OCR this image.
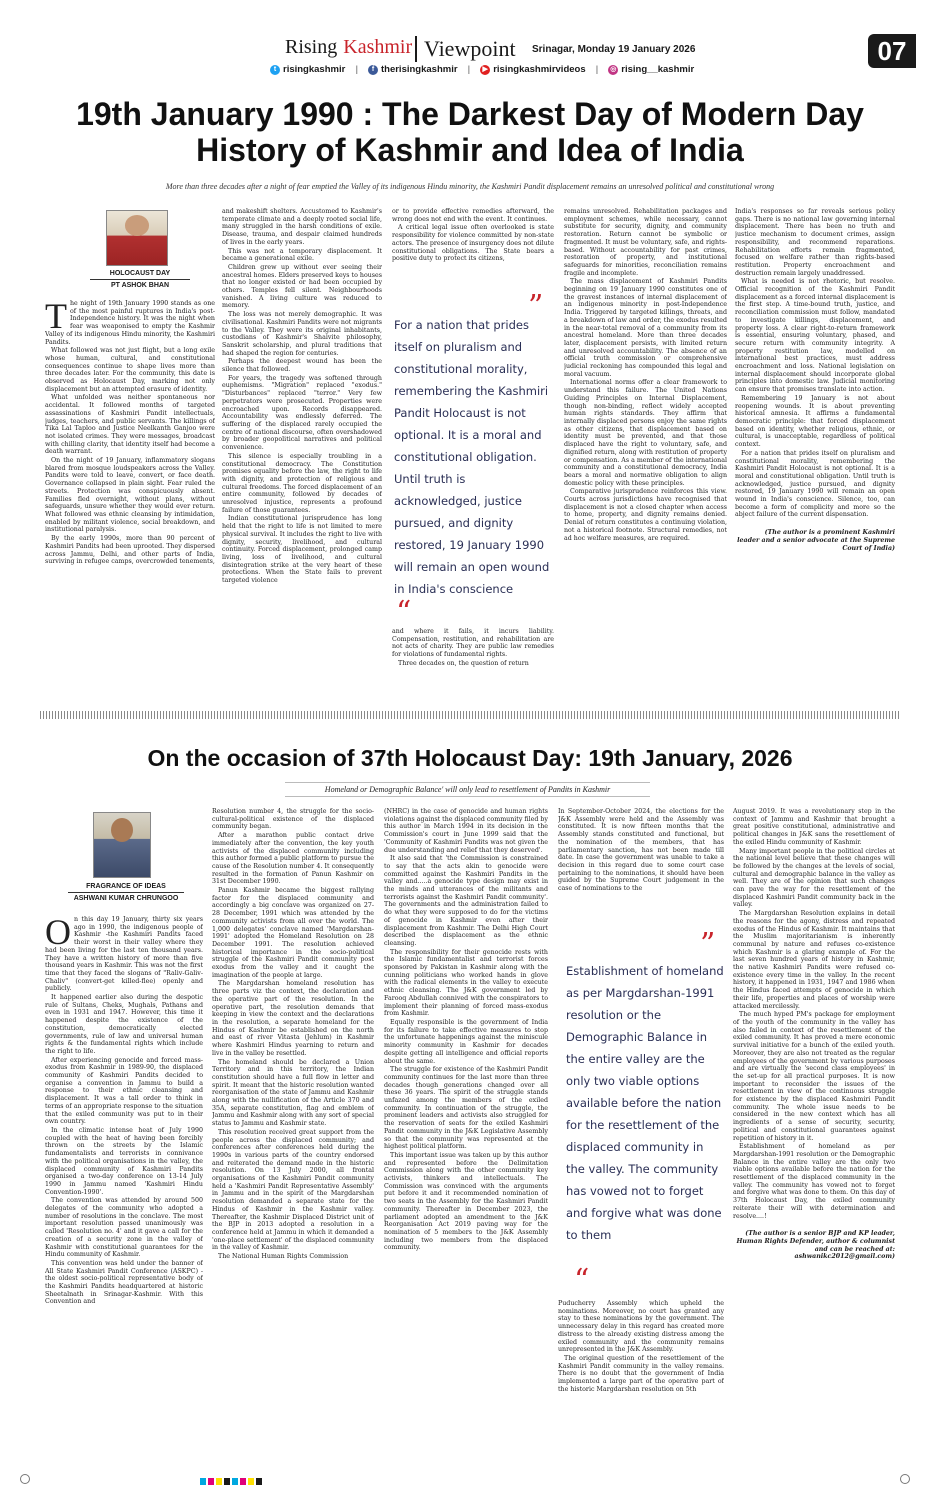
Rising Kashmir Viewpoint Srinagar, Monday 19 January 2026	07
t risingkashmir |	f therisingkashmir |	▶ risingkashmirvideos | ◎ rising__kashmir
19th January 1990 : The Darkest Day of Modern Day
History of Kashmir and Idea of India
More than three decades after a night of fear emptied the Valley of its indigenous Hindu minority, the Kashmiri Pandit displacement remains an unresolved political and constitutional wrong
HOLOCAUST DAY
PT ASHOK BHAN

The night of 19th January 1990 stands as one of the most painful ruptures in India's post-Independence history. It was the night when fear was weaponised to empty the Kashmir Valley of its indigenous Hindu minority, the Kashmiri Pandits.

What followed was not just flight, but a long exile whose human, cultural, and constitutional consequences continue to shape lives more than three decades later. For the community, this date is observed as Holocaust Day, marking not only displacement but an attempted erasure of identity.

What unfolded was neither spontaneous nor accidental. It followed months of targeted assassinations of Kashmiri Pandit intellectuals, judges, teachers, and public servants. The killings of Tika Lal Taploo and Justice Neelkanth Ganjoo were not isolated crimes. They were messages, broadcast with chilling clarity, that identity itself had become a death warrant.

On the night of 19 January, inflammatory slogans blared from mosque loudspeakers across the Valley. Pandits were told to leave, convert, or face death. Governance collapsed in plain sight. Fear ruled the streets. Protection was conspicuously absent. Families fled overnight, without plans, without safeguards, unsure whether they would ever return. What followed was ethnic cleansing by intimidation, enabled by militant violence, social breakdown, and institutional paralysis.

By the early 1990s, more than 90 percent of Kashmiri Pandits had been uprooted. They dispersed across Jammu, Delhi, and other parts of India, surviving in refugee camps, overcrowded tenements,

and makeshift shelters. Accustomed to Kashmir's temperate climate and a deeply rooted social life, many struggled in the harsh conditions of exile. Disease, trauma, and despair claimed hundreds of lives in the early years.

This was not a temporary displacement. It became a generational exile.

Children grew up without ever seeing their ancestral homes. Elders preserved keys to houses that no longer existed or had been occupied by others. Temples fell silent. Neighbourhoods vanished. A living culture was reduced to memory.

The loss was not merely demographic. It was civilisational. Kashmiri Pandits were not migrants to the Valley. They were its original inhabitants, custodians of Kashmir's Shaivite philosophy, Sanskrit scholarship, and plural traditions that had shaped the region for centuries.

Perhaps the deepest wound has been the silence that followed.

For years, the tragedy was softened through euphemisms. "Migration" replaced "exodus." "Disturbances" replaced "terror." Very few perpetrators were prosecuted. Properties were encroached upon. Records disappeared. Accountability was endlessly deferred. The suffering of the displaced rarely occupied the centre of national discourse, often overshadowed by broader geopolitical narratives and political convenience.

This silence is especially troubling in a constitutional democracy. The Constitution promises equality before the law, the right to life with dignity, and protection of religious and cultural freedoms. The forced displacement of an entire community, followed by decades of unresolved injustice, represents a profound failure of those guarantees.

Indian constitutional jurisprudence has long held that the right to life is not limited to mere physical survival. It includes the right to live with dignity, security, livelihood, and cultural continuity. Forced displacement, prolonged camp living, loss of livelihood, and cultural disintegration strike at the very heart of these protections. When the State fails to prevent targeted violence

or to provide effective remedies afterward, the wrong does not end with the event. It continues.

A critical legal issue often overlooked is state responsibility for violence committed by non-state actors. The presence of insurgency does not dilute constitutional obligations. The State bears a positive duty to protect its citizens,

”
For a nation that prides itself on pluralism and constitutional morality, remembering the Kashmiri Pandit Holocaust is not optional. It is a moral and constitutional obligation. Until truth is acknowledged, justice pursued, and dignity restored, 19 January 1990 will remain an open wound in India's conscience
“

and where it fails, it incurs liability. Compensation, restitution, and rehabilitation are not acts of charity. They are public law remedies for violations of fundamental rights.

Three decades on, the question of return

remains unresolved. Rehabilitation packages and employment schemes, while necessary, cannot substitute for security, dignity, and community restoration. Return cannot be symbolic or fragmented. It must be voluntary, safe, and rights-based. Without accountability for past crimes, restoration of property, and institutional safeguards for minorities, reconciliation remains fragile and incomplete.

The mass displacement of Kashmiri Pandits beginning on 19 January 1990 constitutes one of the gravest instances of internal displacement of an indigenous minority in post-Independence India. Triggered by targeted killings, threats, and a breakdown of law and order, the exodus resulted in the near-total removal of a community from its ancestral homeland. More than three decades later, displacement persists, with limited return and unresolved accountability. The absence of an official truth commission or comprehensive judicial reckoning has compounded this legal and moral vacuum.

International norms offer a clear framework to understand this failure. The United Nations Guiding Principles on Internal Displacement, though non-binding, reflect widely accepted human rights standards. They affirm that internally displaced persons enjoy the same rights as other citizens, that displacement based on identity must be prevented, and that those displaced have the right to voluntary, safe, and dignified return, along with restitution of property or compensation. As a member of the international community and a constitutional democracy, India bears a moral and normative obligation to align domestic policy with these principles.

Comparative jurisprudence reinforces this view. Courts across jurisdictions have recognised that displacement is not a closed chapter when access to home, property, and dignity remains denied. Denial of return constitutes a continuing violation, not a historical footnote. Structural remedies, not ad hoc welfare measures, are required.

India's responses so far reveals serious policy gaps. There is no national law governing internal displacement. There has been no truth and justice mechanism to document crimes, assign responsibility, and recommend reparations. Rehabilitation efforts remain fragmented, focused on welfare rather than rights-based restitution. Property encroachment and destruction remain largely unaddressed.

What is needed is not rhetoric, but resolve. Official recognition of the Kashmiri Pandit displacement as a forced internal displacement is the first step. A time-bound truth, justice, and reconciliation commission must follow, mandated to investigate killings, displacement, and property loss. A clear right-to-return framework is essential, ensuring voluntary, phased, and secure return with community integrity. A property restitution law, modelled on international best practices, must address encroachment and loss. National legislation on internal displacement should incorporate global principles into domestic law. Judicial monitoring can ensure that promises translate into action.

Remembering 19 January is not about reopening wounds. It is about preventing historical amnesia. It affirms a fundamental democratic principle: that forced displacement based on identity, whether religious, ethnic, or cultural, is unacceptable, regardless of political context.

For a nation that prides itself on pluralism and constitutional morality, remembering the Kashmiri Pandit Holocaust is not optional. It is a moral and constitutional obligation. Until truth is acknowledged, justice pursued, and dignity restored, 19 January 1990 will remain an open wound in India's conscience. Silence, too, can become a form of complicity and more so the abject failure of the current dispensation.

(The author is a prominent Kashmiri leader and a senior advocate at the Supreme Court of India)

On the occasion of 37th Holocaust Day: 19th January, 2026
Homeland or Demographic Balance' will only lead to resettlement of Pandits in Kashmir
FRAGRANCE OF IDEAS
ASHWANI KUMAR CHRUNGOO

On this day 19 January, thirty six years ago in 1990, the indigenous people of Kashmir -the Kashmiri Pandits faced their worst in their valley where they had been living for the last ten thousand years. They have a written history of more than five thousand years in Kashmir. This was not the first time that they faced the slogans of "Raliv-Galiv-Chaliv" (convert-get killed-flee) openly and publicly.

It happened earlier also during the despotic rule of Sultans, Cheks, Mughals, Pathans and even in 1931 and 1947. However, this time it happened despite the existence of the constitution, democratically elected governments, rule of law and universal human rights & the fundamental rights which include the right to life.

After experiencing genocide and forced mass-exodus from Kashmir in 1989-90, the displaced community of Kashmiri Pandits decided to organise a convention in Jammu to build a response to their ethnic cleansing and displacement. It was a tall order to think in terms of an appropriate response to the situation that the exiled community was put to in their own country.

In the climatic intense heat of July 1990 coupled with the heat of having been forcibly thrown on the streets by the Islamic fundamentalists and terrorists in connivance with the political organisations in the valley, the displaced community of Kashmiri Pandits organised a two-day conference on 13-14 July 1990 in Jammu named 'Kashmiri Hindu Convention-1990'.

The convention was attended by around 500 delegates of the community who adopted a number of resolutions in the conclave. The most important resolution passed unanimously was called 'Resolution no. 4' and it gave a call for the creation of a security zone in the valley of Kashmir with constitutional guarantees for the Hindu community of Kashmir.

This convention was held under the banner of All State Kashmiri Pandit Conference (ASKPC) -the oldest socio-political representative body of the Kashmiri Pandits headquartered at historic Sheetalnath in Srinagar-Kashmir. With this Convention and

Resolution number 4, the struggle for the socio-cultural-political existence of the displaced community began.

After a marathon public contact drive immediately after the convention, the key youth activists of the displaced community including this author formed a public platform to pursue the cause of the Resolution number 4. It consequently resulted in the formation of Panun Kashmir on 31st December 1990.

Panun Kashmir became the biggest rallying factor for the displaced community and accordingly a big conclave was organized on 27-28 December, 1991 which was attended by the community activists from all over the world. The 1,000 delegates' conclave named 'Margdarshan-1991' adopted the Homeland Resolution on 28 December 1991. The resolution achieved historical importance in the socio-political struggle of the Kashmiri Pandit community post exodus from the valley and it caught the imagination of the people at large.

The Margdarshan homeland resolution has three parts viz the context, the declaration and the operative part of the resolution. In the operative part, the resolution demands that keeping in view the context and the declarations in the resolution, a separate homeland for the Hindus of Kashmir be established on the north and east of river Vitasta (Jehlum) in Kashmir where Kashmiri Hindus yearning to return and live in the valley be resettled.

The homeland should be declared a Union Territory and in this territory, the Indian constitution should have a full flow in letter and spirit. It meant that the historic resolution wanted reorganisation of the state of Jammu and Kashmir along with the nullification of the Article 370 and 35A, separate constitution, flag and emblem of Jammu and Kashmir along with any sort of special status to Jammu and Kashmir state.

This resolution received great support from the people across the displaced community; and conferences after conferences held during the 1990s in various parts of the country endorsed and reiterated the demand made in the historic resolution. On 13 July 2000, all frontal organisations of the Kashmiri Pandit community held a 'Kashmiri Pandit Representative Assembly' in Jammu and in the spirit of the Margdarshan resolution demanded a separate state for the Hindus of Kashmir in the Kashmir valley. Thereafter, the Kashmir Displaced District unit of the BJP in 2013 adopted a resolution in a conference held at Jammu in which it demanded a 'one-place settlement' of the displaced community in the valley of Kashmir.

The National Human Rights Commission

(NHRC) in the case of genocide and human rights violations against the displaced community filed by this author in March 1994 in its decision in the Commission's court in June 1999 said that the 'Community of Kashmiri Pandits was not given the due understanding and relief that they deserved'.

It also said that 'the Commission is constrained to say that the acts akin to genocide were committed against the Kashmiri Pandits in the valley and.....a genocide type design may exist in the minds and utterances of the militants and terrorists against the Kashmiri Pandit community'. The governments and the administration failed to do what they were supposed to do for the victims of genocide in Kashmir even after their displacement from Kashmir. The Delhi High Court described the displacement as the ethnic cleansing.

The responsibility for their genocide rests with the Islamic fundamentalist and terrorist forces sponsored by Pakistan in Kashmir along with the cunning politicians who worked hands in glove with the radical elements in the valley to execute ethnic cleansing. The J&K government led by Farooq Abdullah connived with the conspirators to implement their planning of forced mass-exodus from Kashmir.

Equally responsible is the government of India for its failure to take effective measures to stop the unfortunate happenings against the miniscule minority community in Kashmir for decades despite getting all intelligence and official reports about the same.

The struggle for existence of the Kashmiri Pandit community continues for the last more than three decades though generations changed over all these 36 years. The spirit of the struggle stands unfazed among the members of the exiled community. In continuation of the struggle, the prominent leaders and activists also struggled for the reservation of seats for the exiled Kashmiri Pandit community in the J&K Legislative Assembly so that the community was represented at the highest political platform.

This important issue was taken up by this author and represented before the Delimitation Commission along with the other community key activists, thinkers and intellectuals. The Commission was convinced with the arguments put before it and it recommended nomination of two seats in the Assembly for the Kashmiri Pandit community. Thereafter in December 2023, the parliament adopted an amendment to the J&K Reorganisation Act 2019 paving way for the nomination of 5 members to the J&K Assembly including two members from the displaced community.

In September-October 2024, the elections for the J&K Assembly were held and the Assembly was constituted. It is now fifteen months that the Assembly stands constituted and functional, but the nomination of the members, that has parliamentary sanction, has not been made till date. In case the government was unable to take a decision in this regard due to some court case pertaining to the nominations, it should have been guided by the Supreme Court judgement in the case of nominations to the

”
Establishment of homeland as per Margdarshan-1991 resolution or the Demographic Balance in the entire valley are the only two viable options available before the nation for the resettlement of the displaced community in the valley. The community has vowed not to forget and forgive what was done to them
“

Puducherry Assembly which upheld the nominations. Moreover, no court has granted any stay to these nominations by the government. The unnecessary delay in this regard has created more distress to the already existing distress among the exiled community and the community remains unrepresented in the J&K Assembly.

The original question of the resettlement of the Kashmiri Pandit community in the valley remains. There is no doubt that the government of India implemented a large part of the operative part of the historic Margdarshan resolution on 5th

August 2019. It was a revolutionary step in the context of Jammu and Kashmir that brought a great positive constitutional, administrative and political changes in J&K sans the resettlement of the exiled Hindu community of Kashmir.

Many important people in the political circles at the national level believe that these changes will be followed by the changes at the levels of social, cultural and demographic balance in the valley as well. They are of the opinion that such changes can pave the way for the resettlement of the displaced Kashmiri Pandit community back in the valley.

The Margdarshan Resolution explains in detail the reasons for the agony, distress and repeated exodus of the Hindus of Kashmir. It maintains that the Muslim majoritarianism is inherently communal by nature and refuses co-existence which Kashmir is a glaring example of. For the last seven hundred years of history in Kashmir, the native Kashmiri Pandits were refused co-existence every time in the valley. In the recent history, it happened in 1931, 1947 and 1986 when the Hindus faced attempts of genocide in which their life, properties and places of worship were attacked mercilessly.

The much hyped PM's package for employment of the youth of the community in the valley has also failed in context of the resettlement of the exiled community. It has proved a mere economic survival initiative for a bunch of the exiled youth. Moreover, they are also not treated as the regular employees of the government by various purposes and are virtually the 'second class employees' in the set-up for all practical purposes. It is now important to reconsider the issues of the resettlement in view of the continuous struggle for existence by the displaced Kashmiri Pandit community. The whole issue needs to be considered in the new context which has all ingredients of a sense of security, security, political and constitutional guarantees against repetition of history in it.

Establishment of homeland as per Margdarshan-1991 resolution or the Demographic Balance in the entire valley are the only two viable options available before the nation for the resettlement of the displaced community in the valley. The community has vowed not to forget and forgive what was done to them. On this day of 37th Holocaust Day, the exiled community reiterate their will with determination and resolve....!

(The author is a senior BJP and KP leader, Human Rights Defender, author & columnist and can be reached at: ashwanikc2012@gmail.com)
